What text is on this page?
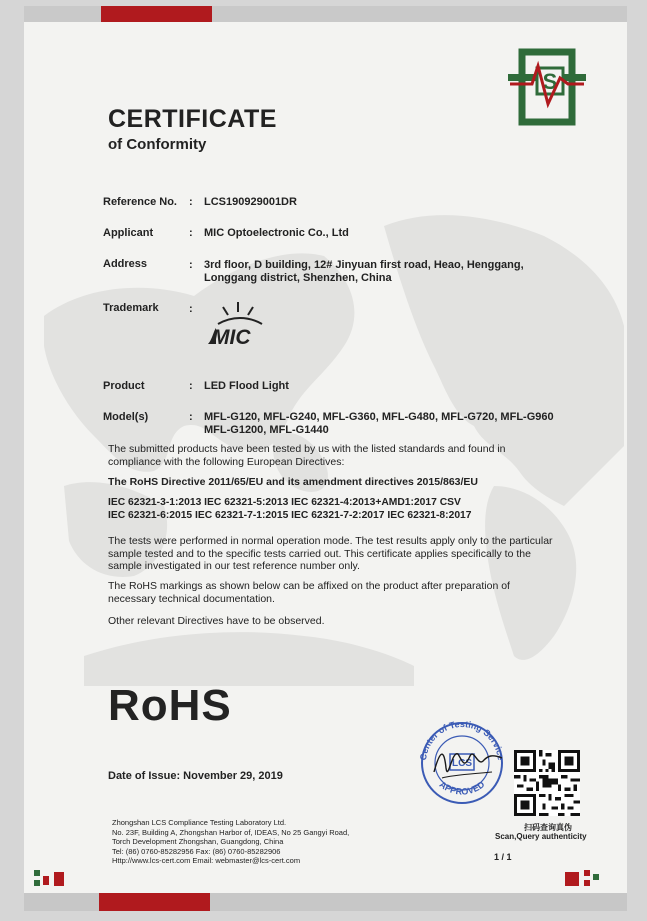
S
CERTIFICATE
of Conformity
Reference No. : LCS190929001DR
Applicant	: MIC Optoelectronic Co., Ltd
Address	: 3rd floor, D building, 12# Jinyuan first road, Heao, Henggang,
Longgang district, Shenzhen, China
Trademark	:
MIC
Product	: LED Flood Light
Model(s)	: MFL-G120, MFL-G240, MFL-G360, MFL-G480, MFL-G720, MFL-G960
MFL-G1200, MFL-G1440
The submitted products have been tested by us with the listed standards and found in
compliance with the following European Directives:
The RoHS Directive 2011/65/EU and its amendment directives 2015/863/EU
IEC 62321-3-1:2013 IEC 62321-5:2013 IEC 62321-4:2013+AMD1:2017 CSV
IEC 62321-6:2015 IEC 62321-7-1:2015 IEC 62321-7-2:2017 IEC 62321-8:2017
The tests were performed in normal operation mode. The test results apply only to the particular
sample tested and to the specific tests carried out. This certificate applies specifically to the
sample investigated in our test reference number only.
The RoHS markings as shown below can be affixed on the product after preparation of
necessary technical documentation.
Other relevant Directives have to be observed.
RoHS
Date of Issue: November 29, 2019
Center of Testing Service
APPROVED
LCS
扫码查询真伪
Scan,Query authenticity
1 / 1
Zhongshan LCS Compliance Testing Laboratory Ltd.
No. 23F, Building A, Zhongshan Harbor of, IDEAS, No 25 Gangyi Road,
Torch Development Zhongshan, Guangdong, China
Tel: (86) 0760-85282956 Fax: (86) 0760-85282906
Http://www.lcs-cert.com Email: webmaster@lcs-cert.com
